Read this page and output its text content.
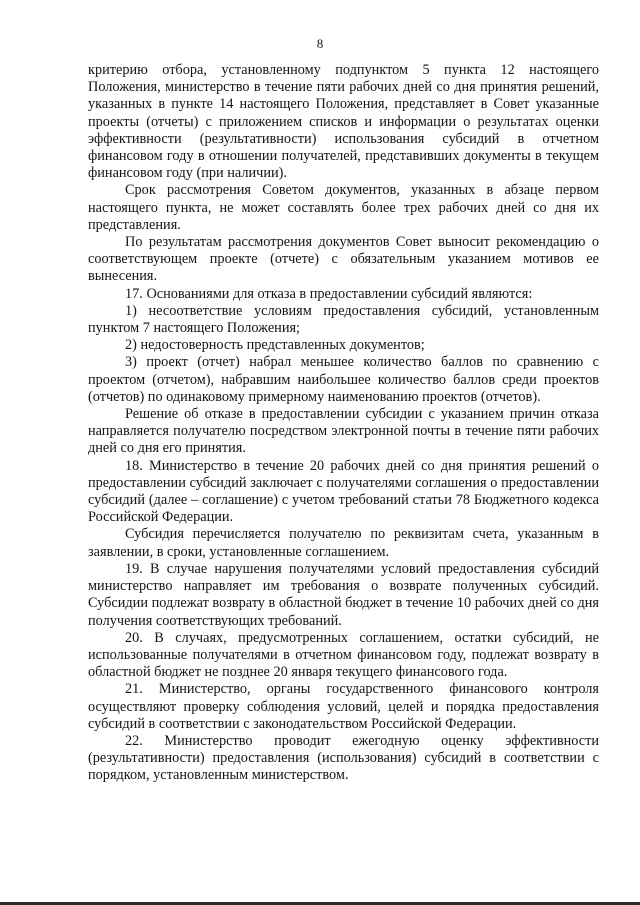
8

критерию отбора, установленному подпунктом 5 пункта 12 настоящего Положения, министерство в течение пяти рабочих дней со дня принятия решений, указанных в пункте 14 настоящего Положения, представляет в Совет указанные проекты (отчеты) с приложением списков и информации о результатах оценки эффективности (результативности) использования субсидий в отчетном финансовом году в отношении получателей, представивших документы в текущем финансовом году (при наличии).

Срок рассмотрения Советом документов, указанных в абзаце первом настоящего пункта, не может составлять более трех рабочих дней со дня их представления.

По результатам рассмотрения документов Совет выносит рекомендацию о соответствующем проекте (отчете) с обязательным указанием мотивов ее вынесения.

17. Основаниями для отказа в предоставлении субсидий являются:

1) несоответствие условиям предоставления субсидий, установленным пунктом 7 настоящего Положения;

2) недостоверность представленных документов;

3) проект (отчет) набрал меньшее количество баллов по сравнению с проектом (отчетом), набравшим наибольшее количество баллов среди проектов (отчетов) по одинаковому примерному наименованию проектов (отчетов).

Решение об отказе в предоставлении субсидии с указанием причин отказа направляется получателю посредством электронной почты в течение пяти рабочих дней со дня его принятия.

18. Министерство в течение 20 рабочих дней со дня принятия решений о предоставлении субсидий заключает с получателями соглашения о предоставлении субсидий (далее – соглашение) с учетом требований статьи 78 Бюджетного кодекса Российской Федерации.

Субсидия перечисляется получателю по реквизитам счета, указанным в заявлении, в сроки, установленные соглашением.

19. В случае нарушения получателями условий предоставления субсидий министерство направляет им требования о возврате полученных субсидий. Субсидии подлежат возврату в областной бюджет в течение 10 рабочих дней со дня получения соответствующих требований.

20. В случаях, предусмотренных соглашением, остатки субсидий, не использованные получателями в отчетном финансовом году, подлежат возврату в областной бюджет не позднее 20 января текущего финансового года.

21. Министерство, органы государственного финансового контроля осуществляют проверку соблюдения условий, целей и порядка предоставления субсидий в соответствии с законодательством Российской Федерации.

22. Министерство проводит ежегодную оценку эффективности (результативности) предоставления (использования) субсидий в соответствии с порядком, установленным министерством.
